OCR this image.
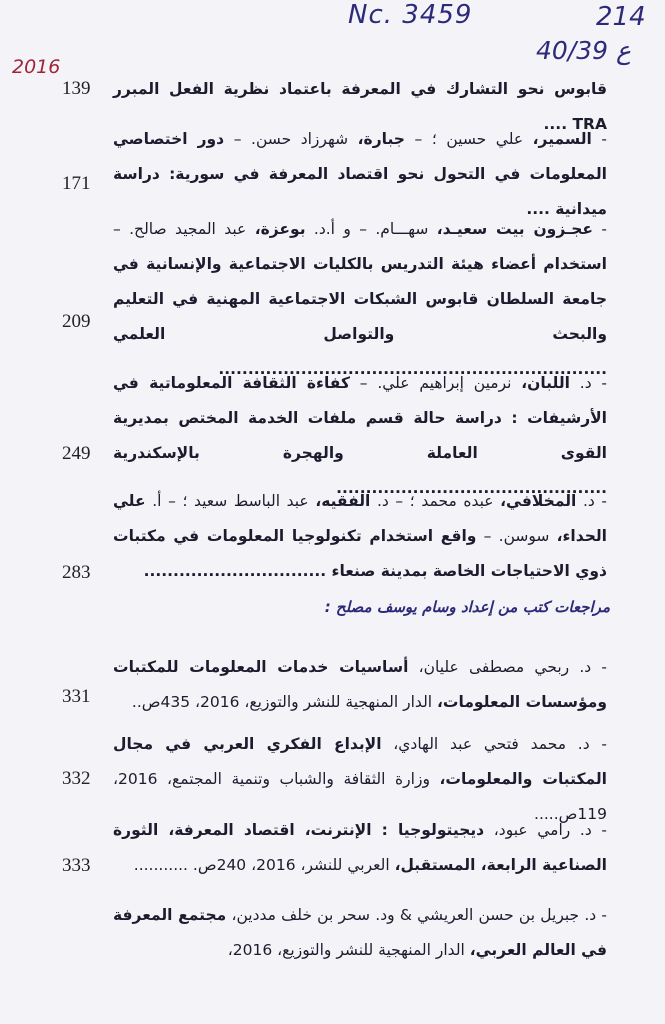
Nc. 3459	214
40/39 ع
2016
قابوس نحو التشارك في المعرفة باعتماد نظرية الفعل المبرر TRA ....
139
- السمير، علي حسين ؛ – جبارة، شهرزاد حسن. – دور اختصاصي المعلومات في التحول نحو اقتصاد المعرفة في سورية: دراسة ميدانية ....
171
- عجـزون بيت سعيـد، سهـــام. – و أ.د. بوعزة، عبد المجيد صالح. – استخدام أعضاء هيئة التدريس بالكليات الاجتماعية والإنسانية في جامعة السلطان قابوس الشبكات الاجتماعية المهنية في التعليم والبحث والتواصل العلمي ..................................................................
209
- د. اللبان، نرمين إبراهيم علي. – كفاءة الثقافة المعلوماتية في الأرشيفات : دراسة حالة قسم ملفات الخدمة المختص بمديرية القوى العاملة والهجرة بالإسكندرية ..............................................
249
- د. المخلافي، عبده محمد ؛ – د. الفقيه، عبد الباسط سعيد ؛ – أ. علي الحداء، سوسن. – واقع استخدام تكنولوجيا المعلومات في مكتبات ذوي الاحتياجات الخاصة بمدينة صنعاء ...............................
283
مراجعات كتب من إعداد وسام يوسف مصلح :
- د. ربحي مصطفى عليان، أساسيات خدمات المعلومات للمكتبات ومؤسسات المعلومات، الدار المنهجية للنشر والتوزيع، 2016، 435ص..
331
- د. محمد فتحي عبد الهادي، الإبداع الفكري العربي في مجال المكتبات والمعلومات، وزارة الثقافة والشباب وتنمية المجتمع، 2016، 119ص.....
332
- د. رامي عبود، ديجيتولوجيا : الإنترنت، اقتصاد المعرفة، الثورة الصناعية الرابعة، المستقبل، العربي للنشر، 2016، 240ص. ...........
333
- د. جبريل بن حسن العريشي & ود. سحر بن خلف مددين، مجتمع المعرفة في العالم العربي، الدار المنهجية للنشر والتوزيع، 2016،
